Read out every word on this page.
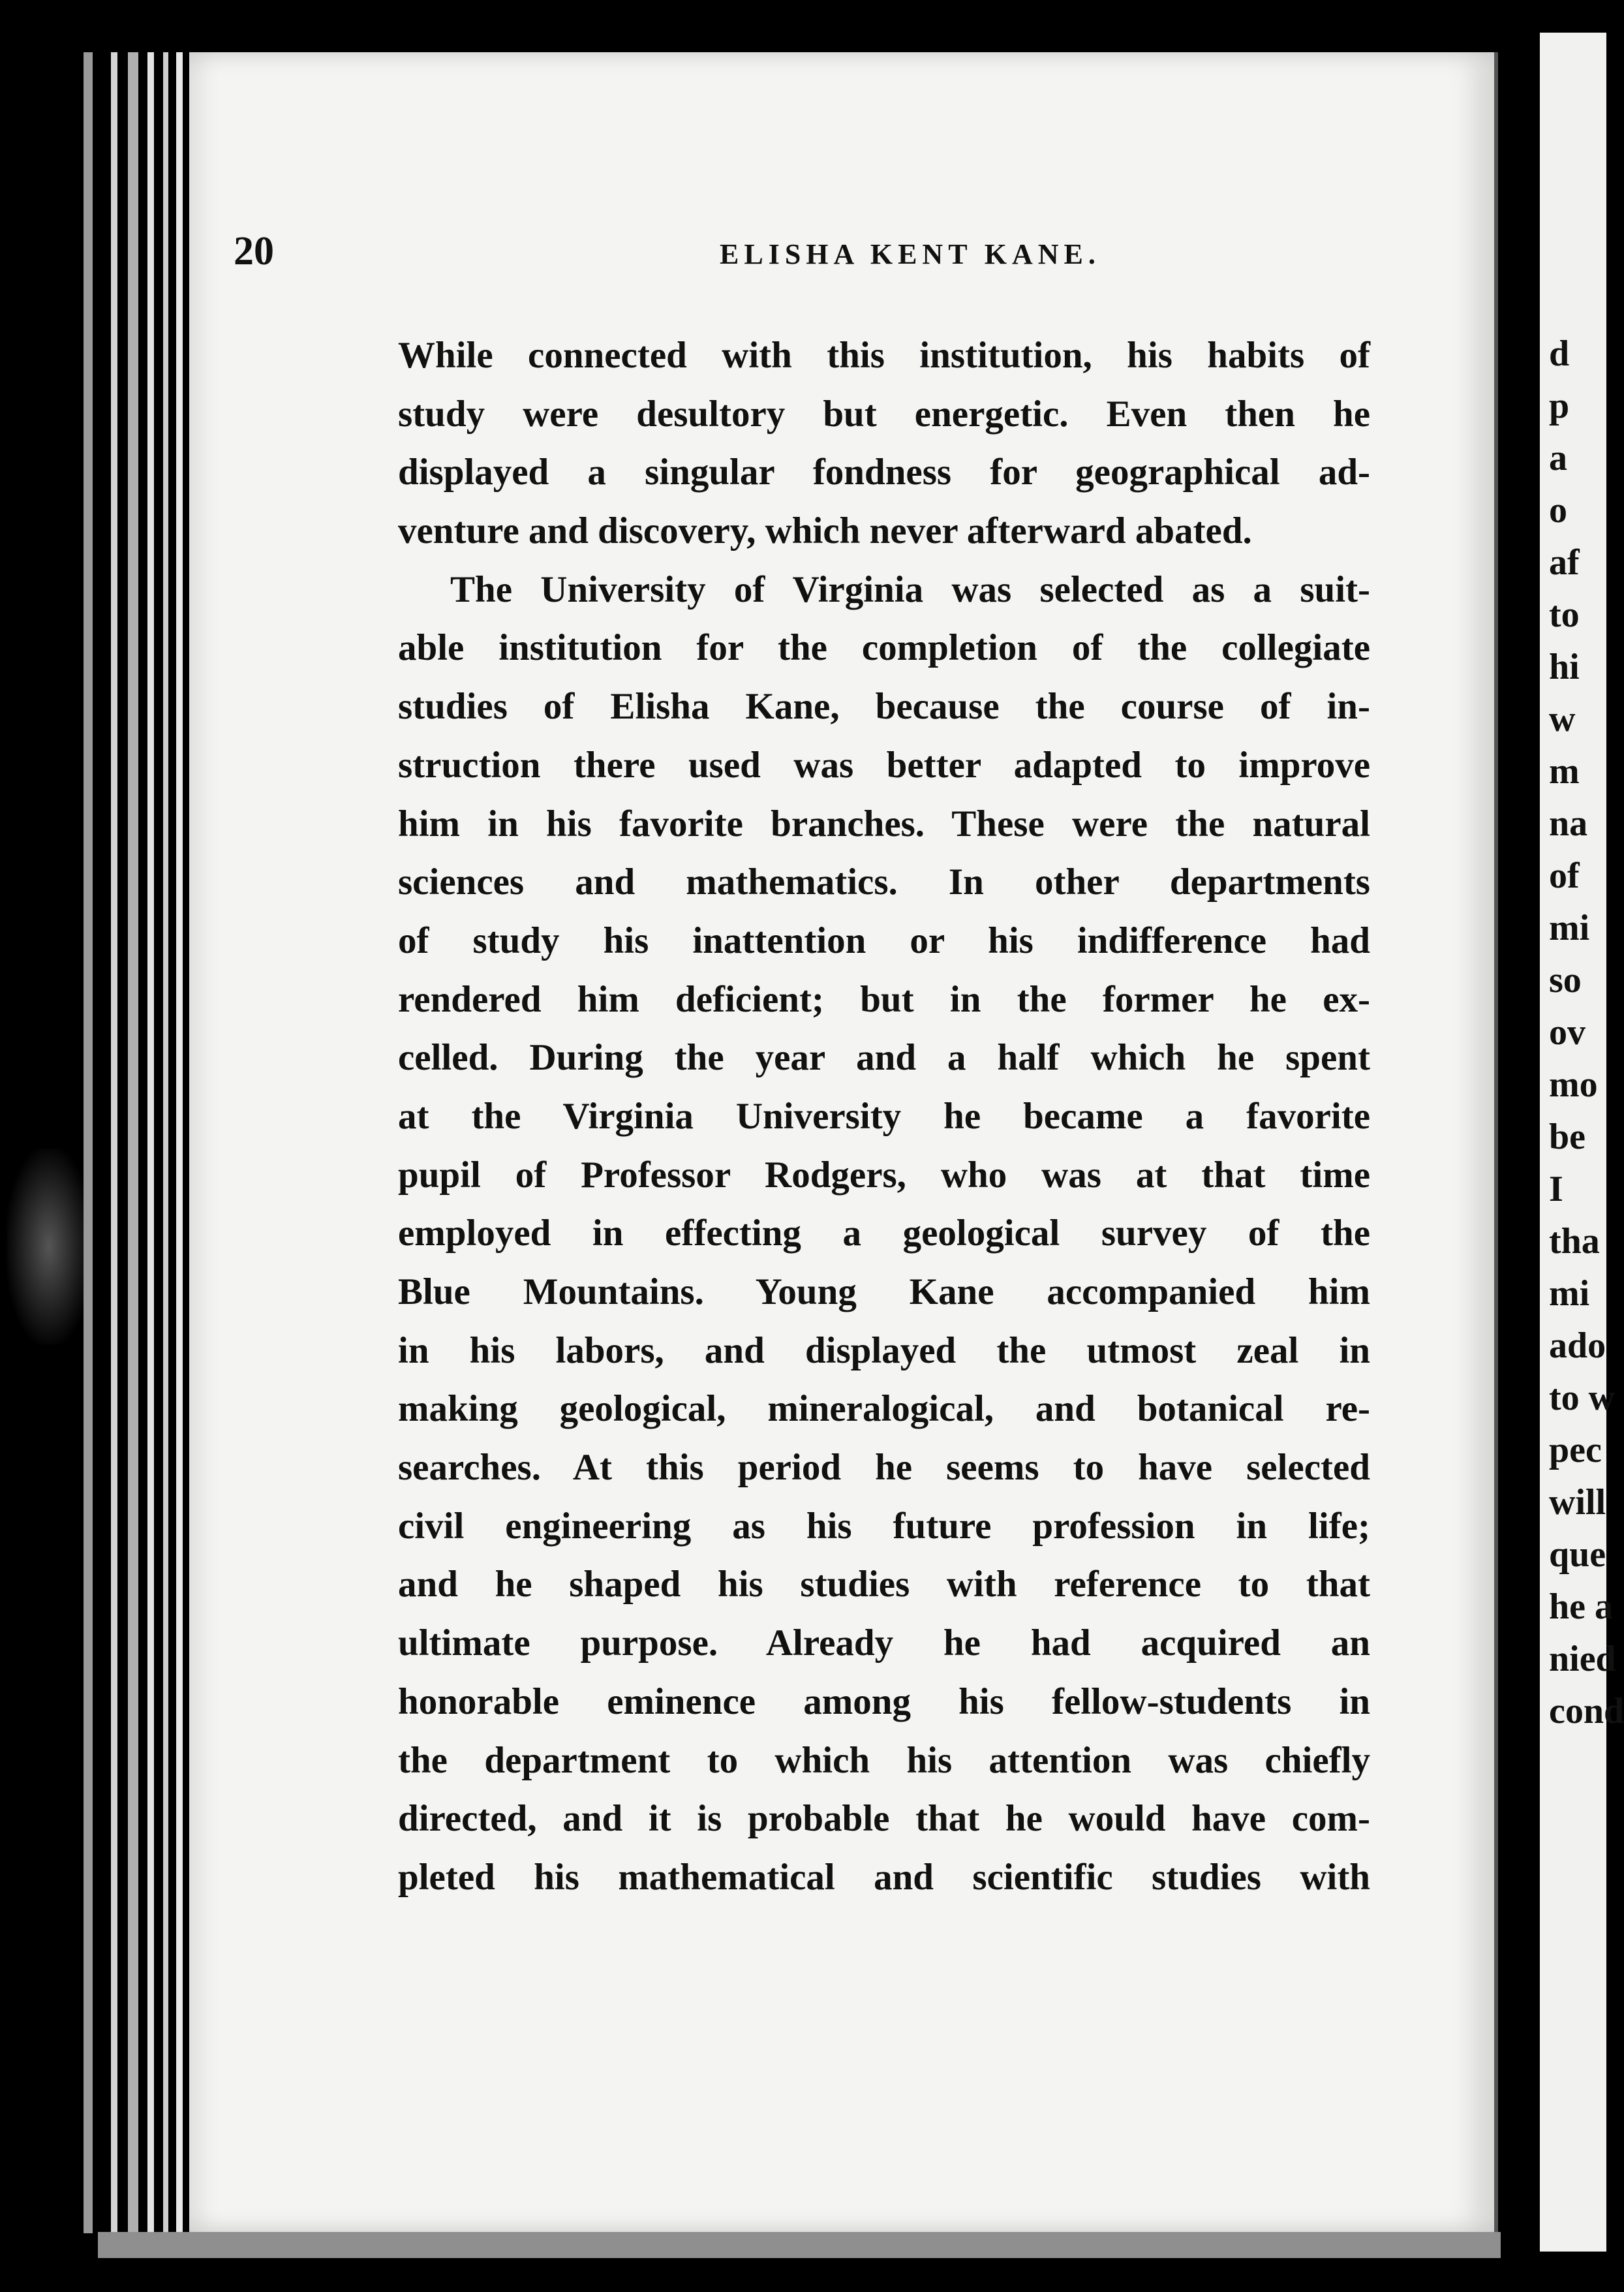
20	ELISHA KENT KANE.
While connected with this institution, his habits of
study were desultory but energetic. Even then he
displayed a singular fondness for geographical ad-
venture and discovery, which never afterward abated.
The University of Virginia was selected as a suit-
able institution for the completion of the collegiate
studies of Elisha Kane, because the course of in-
struction there used was better adapted to improve
him in his favorite branches. These were the natural
sciences and mathematics. In other departments
of study his inattention or his indifference had
rendered him deficient; but in the former he ex-
celled. During the year and a half which he spent
at the Virginia University he became a favorite
pupil of Professor Rodgers, who was at that time
employed in effecting a geological survey of the
Blue Mountains. Young Kane accompanied him
in his labors, and displayed the utmost zeal in
making geological, mineralogical, and botanical re-
searches. At this period he seems to have selected
civil engineering as his future profession in life;
and he shaped his studies with reference to that
ultimate purpose. Already he had acquired an
honorable eminence among his fellow-students in
the department to which his attention was chiefly
directed, and it is probable that he would have com-
pleted his mathematical and scientific studies with
d
p
a
o
af
to
hi
w
m
na
of
mi
so
ov
mo
be
I
tha
mi
ado
to w
pec
will
que
he a
nied
cond
